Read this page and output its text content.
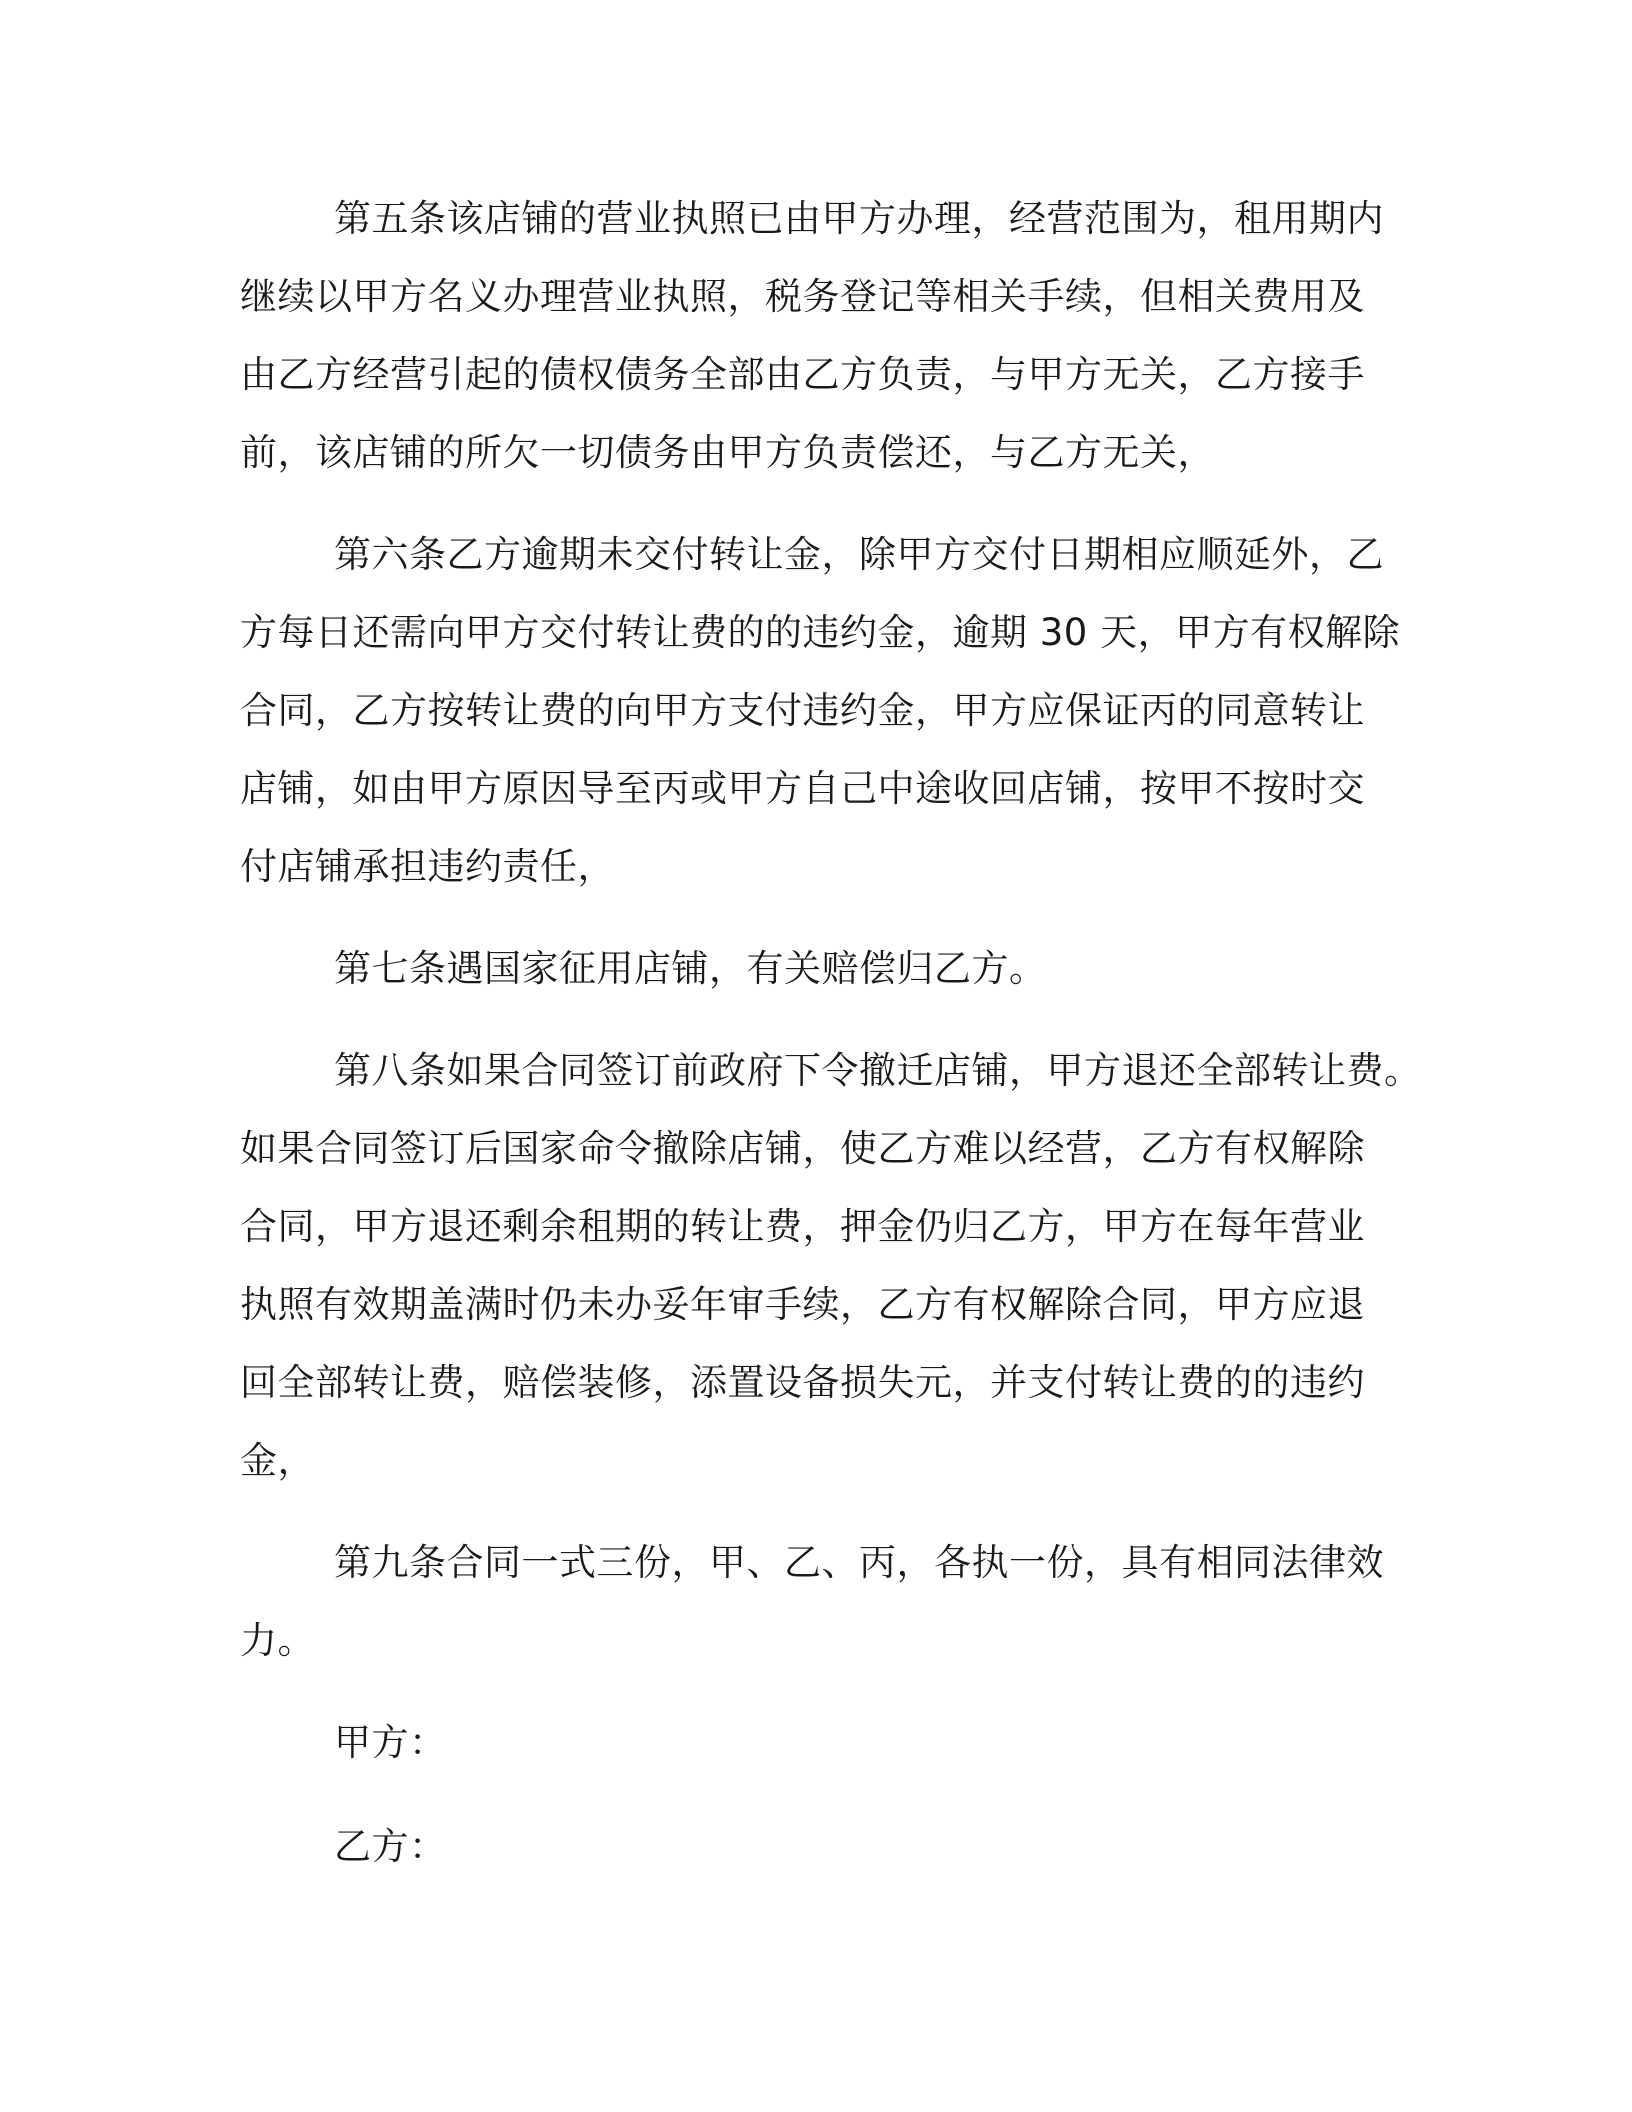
第五条该店铺的营业执照已由甲方办理，经营范围为，租用期内
继续以甲方名义办理营业执照，税务登记等相关手续，但相关费用及
由乙方经营引起的债权债务全部由乙方负责，与甲方无关，乙方接手
前，该店铺的所欠一切债务由甲方负责偿还，与乙方无关，
第六条乙方逾期未交付转让金，除甲方交付日期相应顺延外，乙
方每日还需向甲方交付转让费的的违约金，逾期 30 天，甲方有权解除
合同，乙方按转让费的向甲方支付违约金，甲方应保证丙的同意转让
店铺，如由甲方原因导至丙或甲方自己中途收回店铺，按甲不按时交
付店铺承担违约责任，
第七条遇国家征用店铺，有关赔偿归乙方。
第八条如果合同签订前政府下令撤迁店铺，甲方退还全部转让费。
如果合同签订后国家命令撤除店铺，使乙方难以经营，乙方有权解除
合同，甲方退还剩余租期的转让费，押金仍归乙方，甲方在每年营业
执照有效期盖满时仍未办妥年审手续，乙方有权解除合同，甲方应退
回全部转让费，赔偿装修，添置设备损失元，并支付转让费的的违约
金，
第九条合同一式三份，甲、乙、丙，各执一份，具有相同法律效
力。
甲方：
乙方：
